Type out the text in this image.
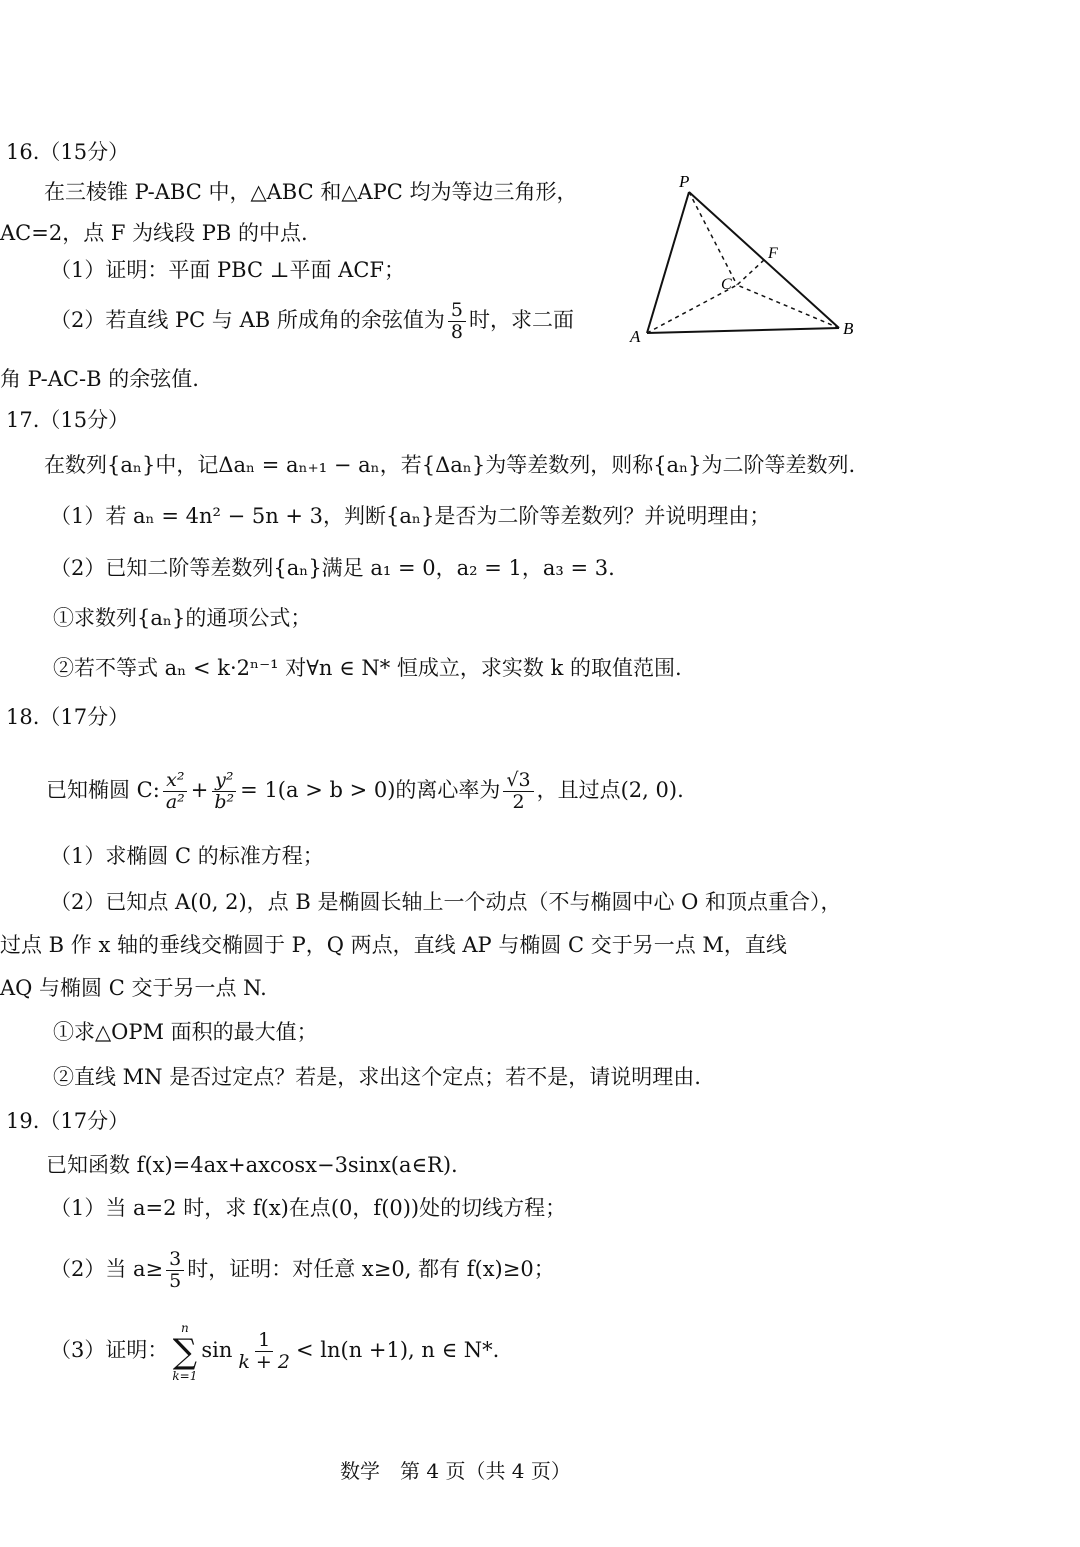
16.（15分）
在三棱锥 P-ABC 中，△ABC 和△APC 均为等边三角形，
AC=2，点 F 为线段 PB 的中点.
（1）证明：平面 PBC ⊥平面 ACF；
（2）若直线 PC 与 AB 所成角的余弦值为 $\frac{5}{8}$ 时，求二面
角 P-AC-B 的余弦值.
P
A	B
C
F
17.（15分）
在数列{aₙ}中，记Δaₙ = aₙ₊₁ − aₙ，若{Δaₙ}为等差数列，则称{aₙ}为二阶等差数列.
（1）若 aₙ = 4n² − 5n + 3，判断{aₙ}是否为二阶等差数列？并说明理由；
（2）已知二阶等差数列{aₙ}满足 a₁ = 0，a₂ = 1，a₃ = 3.
①求数列{aₙ}的通项公式；
②若不等式 aₙ < k·2ⁿ⁻¹ 对∀n ∈ N* 恒成立，求实数 k 的取值范围.
18.（17分）
已知椭圆 C: $\frac{\text{x²}}{\text{a²}} + \frac{\text{y²}}{\text{b²}} = 1(a > b > 0)$的离心率为 $\frac{√3}{2}$ ，且过点(2, 0).
（1）求椭圆 C 的标准方程；
（2）已知点 A(0, 2)，点 B 是椭圆长轴上一个动点（不与椭圆中心 O 和顶点重合），
过点 B 作 x 轴的垂线交椭圆于 P，Q 两点，直线 AP 与椭圆 C 交于另一点 M，直线
AQ 与椭圆 C 交于另一点 N.
①求△OPM 面积的最大值；
②直线 MN 是否过定点？若是，求出这个定点；若不是，请说明理由.
19.（17分）
已知函数 f(x)=4ax+axcosx−3sinx(a∈R).
（1）当 a=2 时，求 f(x)在点(0，f(0))处的切线方程；
（2）当 $a\ge \frac{3}{5}$ 时，证明：对任意 x≥0, 都有 f(x)≥0；
（3）证明：
n
∑
k=1
$\sin \frac{1}{k + 2} < \ln(n +1)$, n ∈ N*.
数学　第 4 页（共 4 页）
